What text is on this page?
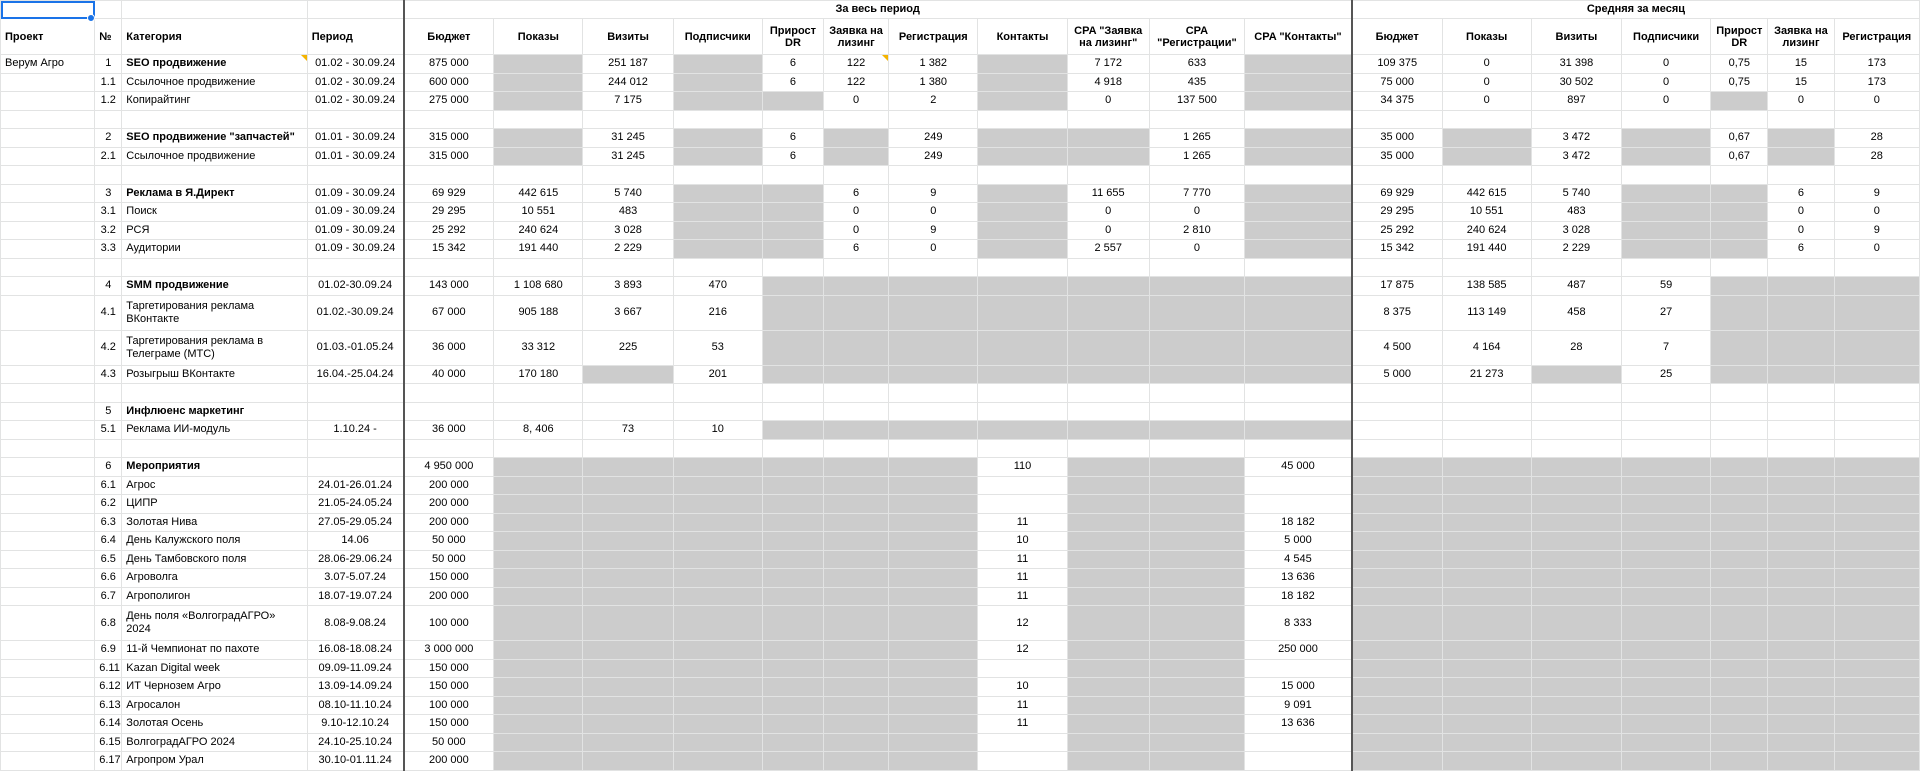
				За весь период											Средняя за месяц						
Проект	№	Категория	Период	Бюджет	Показы	Визиты	Подписчики	Прирост DR	Заявка на лизинг	Регистрация	Контакты	CPA "Заявка на лизинг"	CPA "Регистрации"	CPA "Контакты"	Бюджет	Показы	Визиты	Подписчики	Прирост DR	Заявка на лизинг	Регистрация
Верум Агро	1	SEO продвижение	01.02 - 30.09.24	875 000		251 187		6	122	1 382		7 172	633		109 375	0	31 398	0	0,75	15	173
	1.1	Ссылочное продвижение	01.02 - 30.09.24	600 000		244 012		6	122	1 380		4 918	435		75 000	0	30 502	0	0,75	15	173
	1.2	Копирайтинг	01.02 - 30.09.24	275 000		7 175			0	2		0	137 500		34 375	0	897	0		0	0

	2	SEO продвижение "запчастей"	01.01 - 30.09.24	315 000		31 245		6		249			1 265		35 000		3 472		0,67		28
	2.1	Ссылочное продвижение	01.01 - 30.09.24	315 000		31 245		6		249			1 265		35 000		3 472		0,67		28

	3	Реклама в Я.Директ	01.09 - 30.09.24	69 929	442 615	5 740			6	9		11 655	7 770		69 929	442 615	5 740			6	9
	3.1	Поиск	01.09 - 30.09.24	29 295	10 551	483			0	0		0	0		29 295	10 551	483			0	0
	3.2	РСЯ	01.09 - 30.09.24	25 292	240 624	3 028			0	9		0	2 810		25 292	240 624	3 028			0	9
	3.3	Аудитории	01.09 - 30.09.24	15 342	191 440	2 229			6	0		2 557	0		15 342	191 440	2 229			6	0

	4	SMM продвижение	01.02-30.09.24	143 000	1 108 680	3 893	470								17 875	138 585	487	59			
	4.1	Таргетирования реклама ВКонтакте	01.02.-30.09.24	67 000	905 188	3 667	216								8 375	113 149	458	27			
	4.2	Таргетирования реклама в Телеграме (МТС)	01.03.-01.05.24	36 000	33 312	225	53								4 500	4 164	28	7			
	4.3	Розыгрыш ВКонтакте	16.04.-25.04.24	40 000	170 180		201								5 000	21 273		25			

	5	Инфлюенс маркетинг																			
	5.1	Реклама ИИ-модуль	1.10.24 -	36 000	8, 406	73	10														

	6	Мероприятия		4 950 000							110			45 000							
	6.1	Агрос	24.01-26.01.24	200 000																	
	6.2	ЦИПР	21.05-24.05.24	200 000																	
	6.3	Золотая Нива	27.05-29.05.24	200 000							11			18 182							
	6.4	День Калужского поля	14.06	50 000							10			5 000							
	6.5	День Тамбовского поля	28.06-29.06.24	50 000							11			4 545							
	6.6	Агроволга	3.07-5.07.24	150 000							11			13 636							
	6.7	Агрополигон	18.07-19.07.24	200 000							11			18 182							
	6.8	День поля «ВолгоградАГРО» 2024	8.08-9.08.24	100 000							12			8 333							
	6.9	11-й Чемпионат по пахоте	16.08-18.08.24	3 000 000							12			250 000							
	6.11	Kazan Digital week	09.09-11.09.24	150 000																	
	6.12	ИТ Чернозем Агро	13.09-14.09.24	150 000							10			15 000							
	6.13	Агросалон	08.10-11.10.24	100 000							11			9 091							
	6.14	Золотая Осень	9.10-12.10.24	150 000							11			13 636							
	6.15	ВолгоградАГРО 2024	24.10-25.10.24	50 000																	
	6.17	Агропром Урал	30.10-01.11.24	200 000																	
